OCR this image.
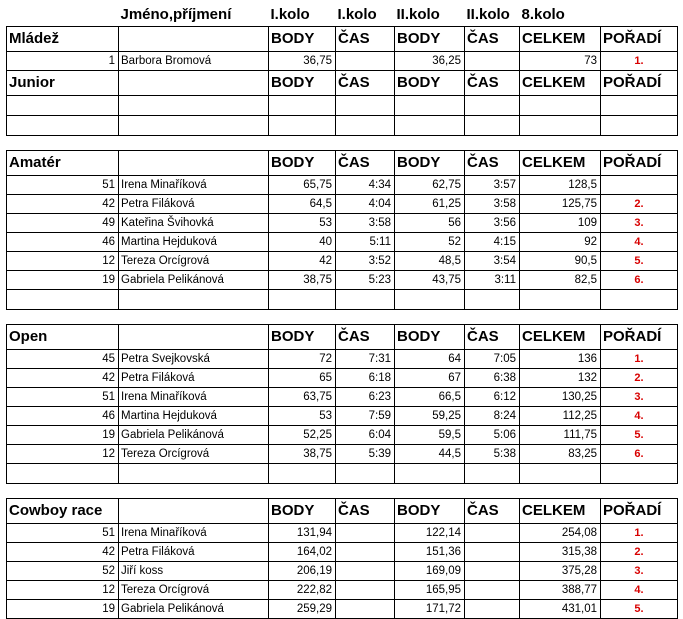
	Jméno,příjmení	I.kolo	I.kolo	II.kolo	II.kolo	8.kolo	
Mládež		BODY	ČAS	BODY	ČAS	CELKEM	POŘADÍ
1	Barbora Bromová	36,75		36,25		73	1.
Junior		BODY	ČAS	BODY	ČAS	CELKEM	POŘADÍ

Amatér		BODY	ČAS	BODY	ČAS	CELKEM	POŘADÍ
51	Irena Minaříková	65,75	4:34	62,75	3:57	128,5	
42	Petra Filáková	64,5	4:04	61,25	3:58	125,75	2.
49	Kateřina Švihovká	53	3:58	56	3:56	109	3.
46	Martina Hejduková	40	5:11	52	4:15	92	4.
12	Tereza Orcígrová	42	3:52	48,5	3:54	90,5	5.
19	Gabriela Pelikánová	38,75	5:23	43,75	3:11	82,5	6.

Open		BODY	ČAS	BODY	ČAS	CELKEM	POŘADÍ
45	Petra Svejkovská	72	7:31	64	7:05	136	1.
42	Petra Filáková	65	6:18	67	6:38	132	2.
51	Irena Minaříková	63,75	6:23	66,5	6:12	130,25	3.
46	Martina Hejduková	53	7:59	59,25	8:24	112,25	4.
19	Gabriela Pelikánová	52,25	6:04	59,5	5:06	111,75	5.
12	Tereza Orcígrová	38,75	5:39	44,5	5:38	83,25	6.

Cowboy race		BODY	ČAS	BODY	ČAS	CELKEM	POŘADÍ
51	Irena Minaříková	131,94		122,14		254,08	1.
42	Petra Filáková	164,02		151,36		315,38	2.
52	Jiří koss	206,19		169,09		375,28	3.
12	Tereza Orcígrová	222,82		165,95		388,77	4.
19	Gabriela Pelikánová	259,29		171,72		431,01	5.
